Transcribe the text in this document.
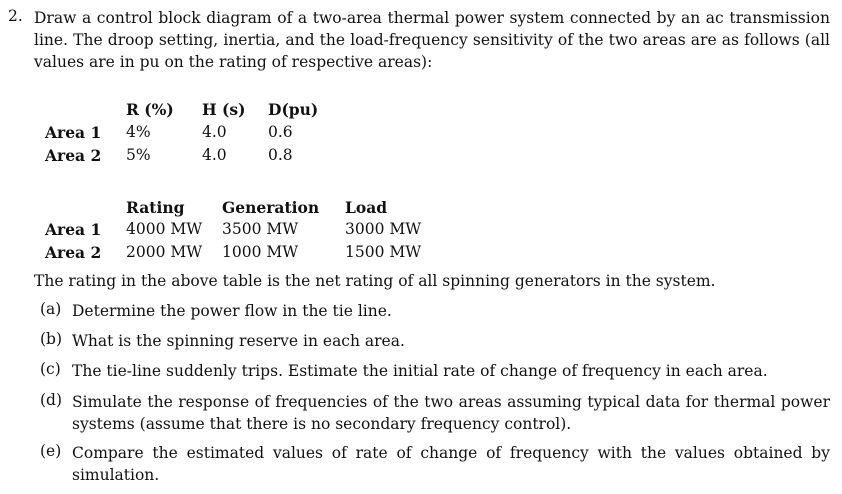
2. Draw a control block diagram of a two-area thermal power system connected by an ac transmission line. The droop setting, inertia, and the load-frequency sensitivity of the two areas are as follows (all values are in pu on the rating of respective areas):
R (%) H (s) D(pu)
Area 1 4%	4.0	0.6
Area 2 5%	4.0	0.8
Rating Generation Load
Area 1 4000 MW 3500 MW	3000 MW
Area 2 2000 MW 1000 MW	1500 MW
The rating in the above table is the net rating of all spinning generators in the system.
(a) Determine the power flow in the tie line.
(b) What is the spinning reserve in each area.
(c) The tie-line suddenly trips. Estimate the initial rate of change of frequency in each area.
(d) Simulate the response of frequencies of the two areas assuming typical data for thermal power systems (assume that there is no secondary frequency control).
(e) Compare the estimated values of rate of change of frequency with the values obtained by simulation.
